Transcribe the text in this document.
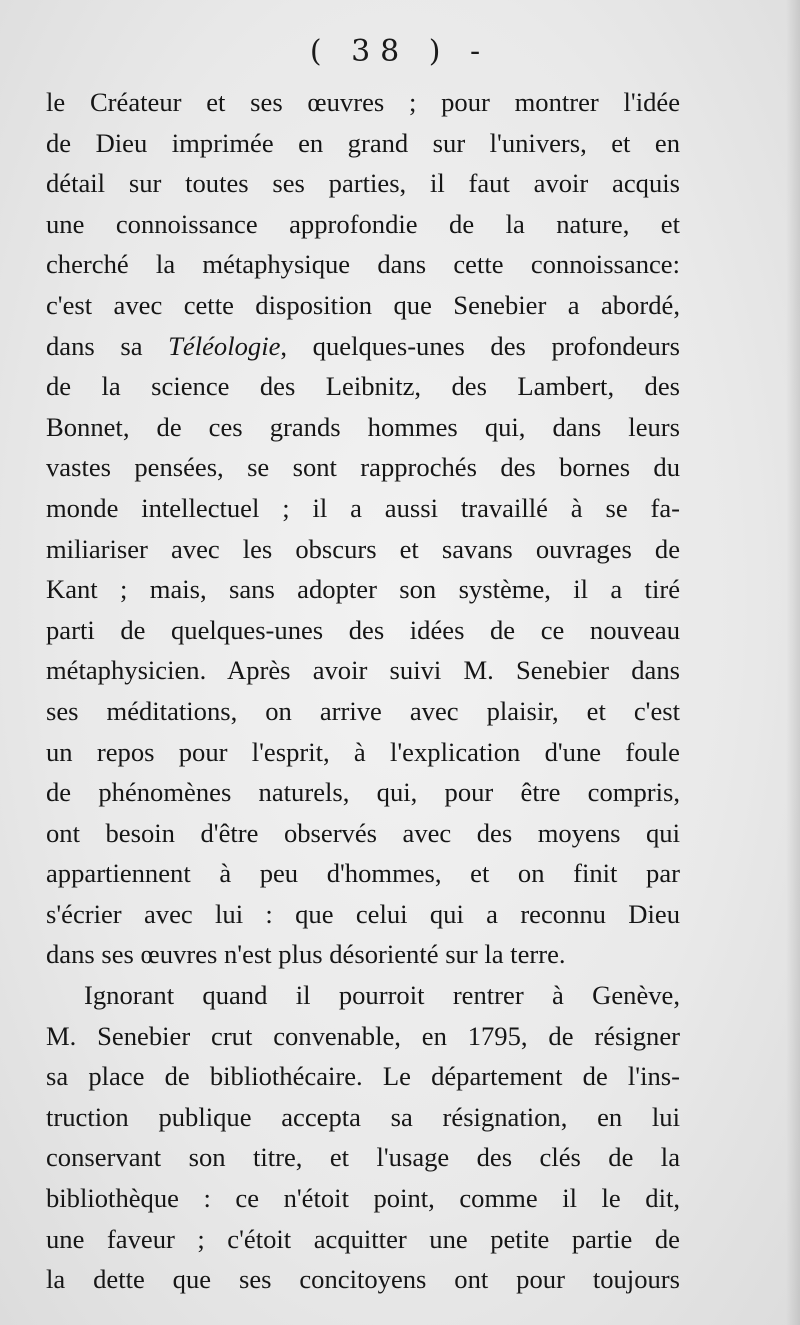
( 38 ) -
le Créateur et ses œuvres ; pour montrer l'idée
de Dieu imprimée en grand sur l'univers, et en
détail sur toutes ses parties, il faut avoir acquis
une connoissance approfondie de la nature, et
cherché la métaphysique dans cette connoissance:
c'est avec cette disposition que Senebier a abordé,
dans sa Téléologie, quelques-unes des profondeurs
de la science des Leibnitz, des Lambert, des
Bonnet, de ces grands hommes qui, dans leurs
vastes pensées, se sont rapprochés des bornes du
monde intellectuel ; il a aussi travaillé à se fa-
miliariser avec les obscurs et savans ouvrages de
Kant ; mais, sans adopter son système, il a tiré
parti de quelques-unes des idées de ce nouveau
métaphysicien. Après avoir suivi M. Senebier dans
ses méditations, on arrive avec plaisir, et c'est
un repos pour l'esprit, à l'explication d'une foule
de phénomènes naturels, qui, pour être compris,
ont besoin d'être observés avec des moyens qui
appartiennent à peu d'hommes, et on finit par
s'écrier avec lui : que celui qui a reconnu Dieu
dans ses œuvres n'est plus désorienté sur la terre.
Ignorant quand il pourroit rentrer à Genève,
M. Senebier crut convenable, en 1795, de résigner
sa place de bibliothécaire. Le département de l'ins-
truction publique accepta sa résignation, en lui
conservant son titre, et l'usage des clés de la
bibliothèque : ce n'étoit point, comme il le dit,
une faveur ; c'étoit acquitter une petite partie de
la dette que ses concitoyens ont pour toujours
